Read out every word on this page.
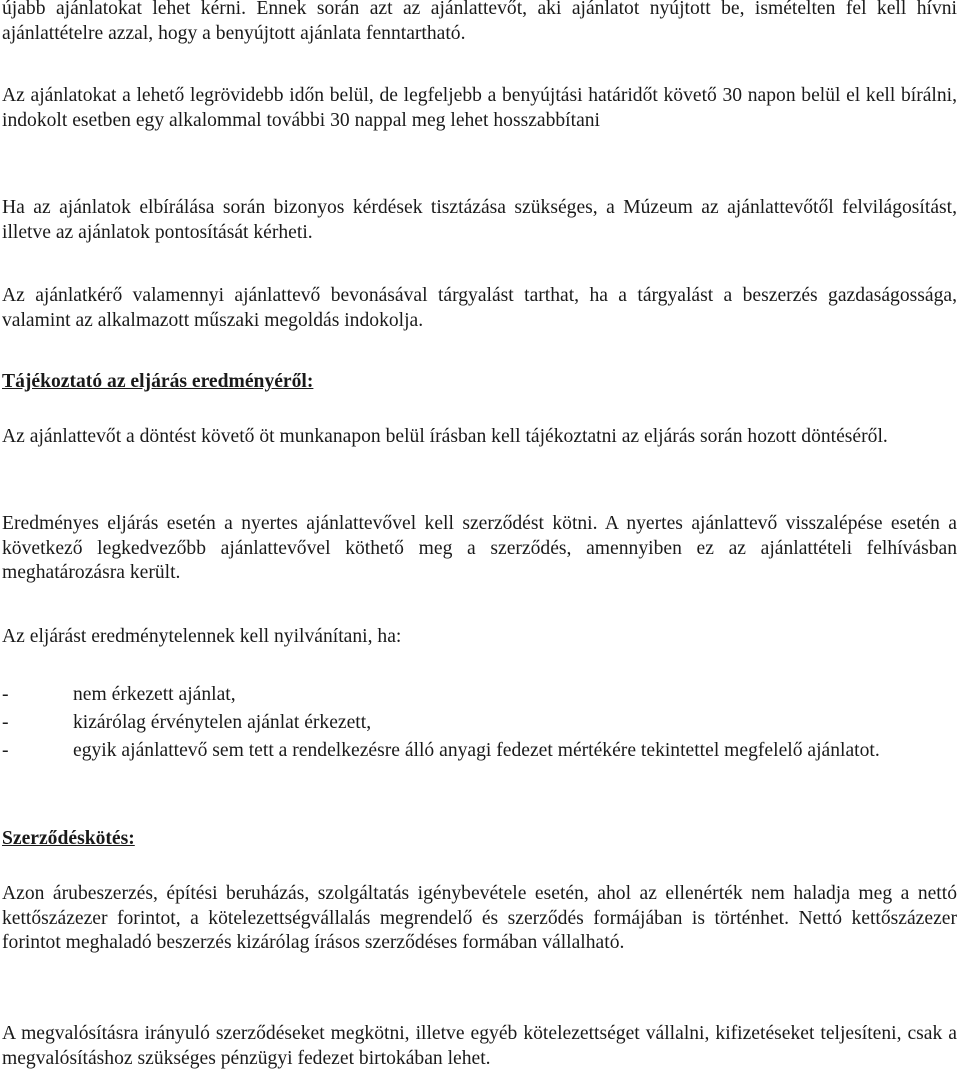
újabb ajánlatokat lehet kérni. Ennek során azt az ajánlattevőt, aki ajánlatot nyújtott be, ismételten fel kell hívni ajánlattételre azzal, hogy a benyújtott ajánlata fenntartható.

Az ajánlatokat a lehető legrövidebb időn belül, de legfeljebb a benyújtási határidőt követő 30 napon belül el kell bírálni, indokolt esetben egy alkalommal további 30 nappal meg lehet hosszabbítani

Ha az ajánlatok elbírálása során bizonyos kérdések tisztázása szükséges, a Múzeum az ajánlattevőtől felvilágosítást, illetve az ajánlatok pontosítását kérheti.

Az ajánlatkérő valamennyi ajánlattevő bevonásával tárgyalást tarthat, ha a tárgyalást a beszerzés gazdaságossága, valamint az alkalmazott műszaki megoldás indokolja.

Tájékoztató az eljárás eredményéről:

Az ajánlattevőt a döntést követő öt munkanapon belül írásban kell tájékoztatni az eljárás során hozott döntéséről.

Eredményes eljárás esetén a nyertes ajánlattevővel kell szerződést kötni. A nyertes ajánlattevő visszalépése esetén a következő legkedvezőbb ajánlattevővel köthető meg a szerződés, amennyiben ez az ajánlattételi felhívásban meghatározásra került.

Az eljárást eredménytelennek kell nyilvánítani, ha:

-	nem érkezett ajánlat,
-	kizárólag érvénytelen ajánlat érkezett,
-	egyik ajánlattevő sem tett a rendelkezésre álló anyagi fedezet mértékére tekintettel megfelelő ajánlatot.

Szerződéskötés:

Azon árubeszerzés, építési beruházás, szolgáltatás igénybevétele esetén, ahol az ellenérték nem haladja meg a nettó kettőszázezer forintot, a kötelezettségvállalás megrendelő és szerződés formájában is történhet. Nettó kettőszázezer forintot meghaladó beszerzés kizárólag írásos szerződéses formában vállalható.

A megvalósításra irányuló szerződéseket megkötni, illetve egyéb kötelezettséget vállalni, kifizetéseket teljesíteni, csak a megvalósításhoz szükséges pénzügyi fedezet birtokában lehet.
